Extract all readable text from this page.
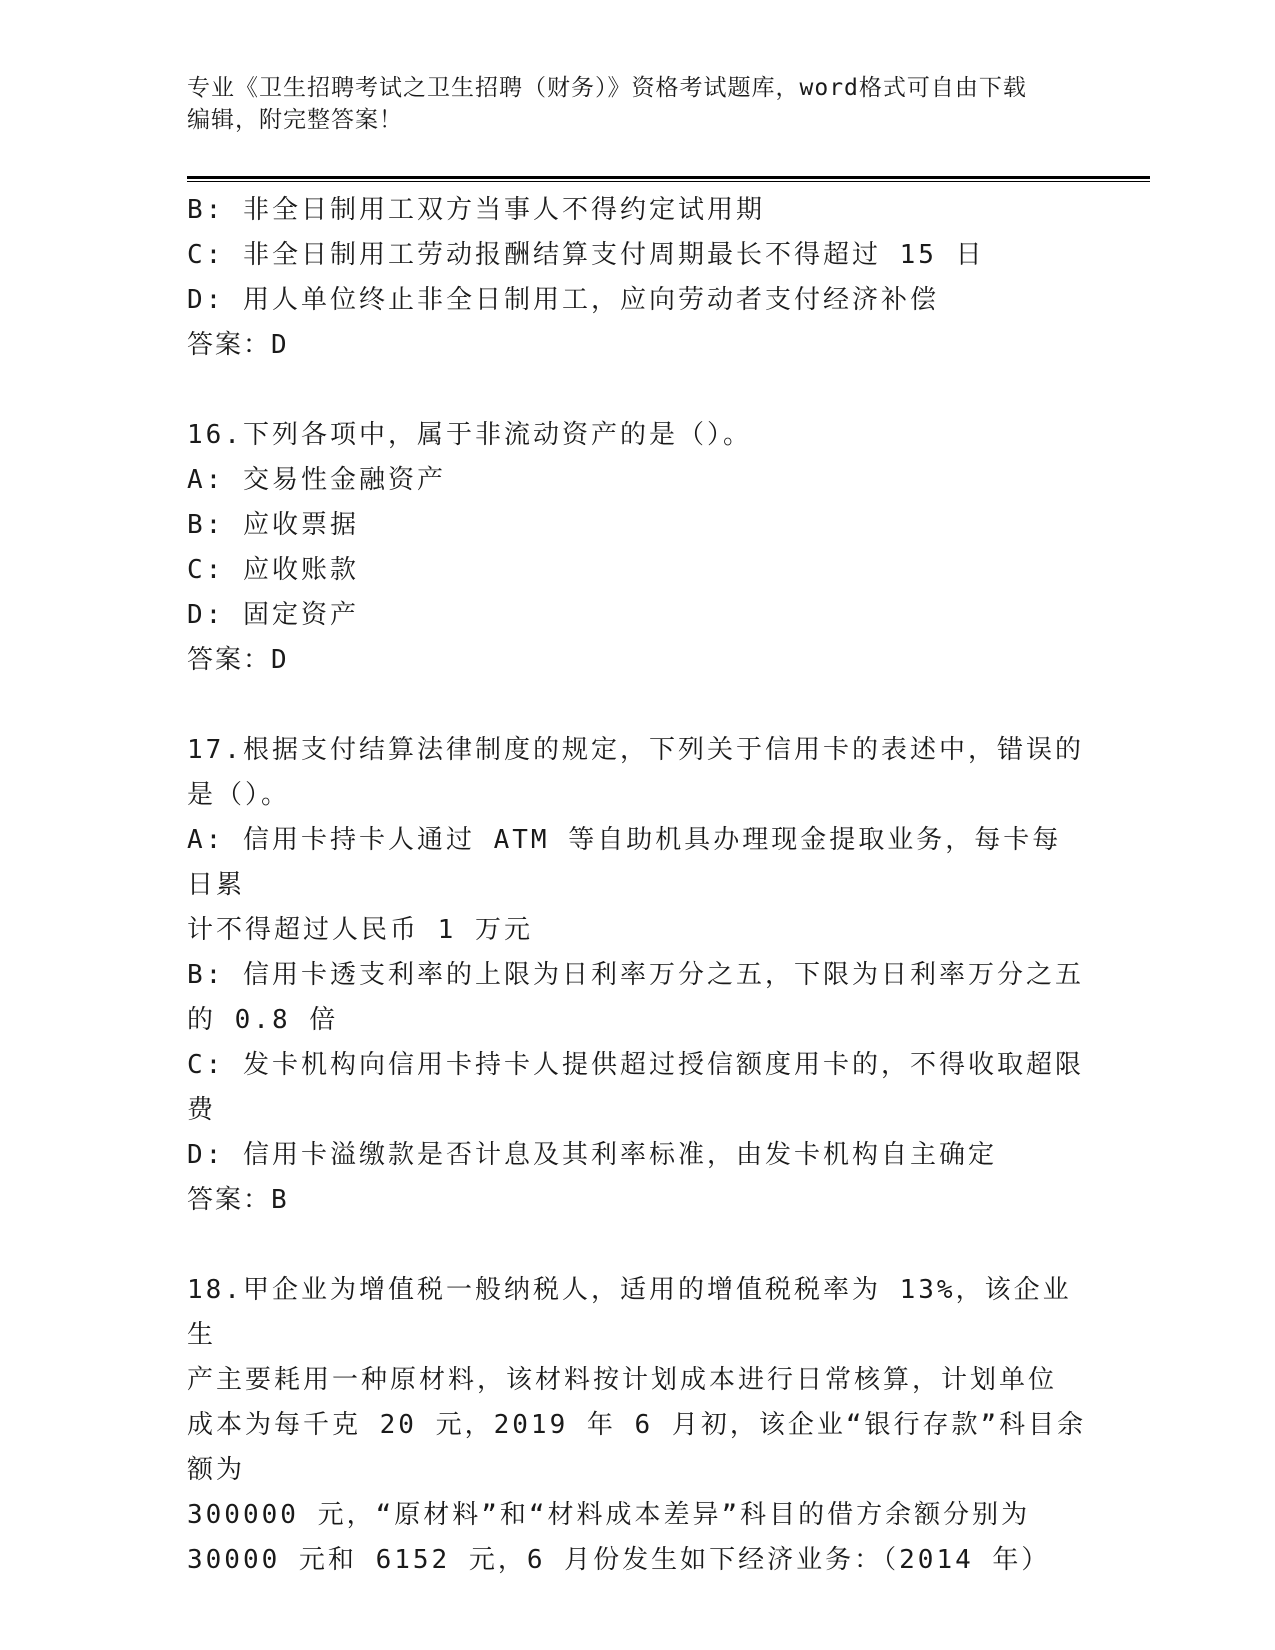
专业《卫生招聘考试之卫生招聘（财务）》资格考试题库，word格式可自由下载
编辑，附完整答案！
B: 非全日制用工双方当事人不得约定试用期
C: 非全日制用工劳动报酬结算支付周期最长不得超过 15 日
D: 用人单位终止非全日制用工，应向劳动者支付经济补偿
答案：D
16.下列各项中，属于非流动资产的是（）。
A: 交易性金融资产
B: 应收票据
C: 应收账款
D: 固定资产
答案：D
17.根据支付结算法律制度的规定，下列关于信用卡的表述中，错误的
是（）。
A: 信用卡持卡人通过 ATM 等自助机具办理现金提取业务，每卡每日累
计不得超过人民币 1 万元
B: 信用卡透支利率的上限为日利率万分之五，下限为日利率万分之五
的 0.8 倍
C: 发卡机构向信用卡持卡人提供超过授信额度用卡的，不得收取超限
费
D: 信用卡溢缴款是否计息及其利率标准，由发卡机构自主确定
答案：B
18.甲企业为增值税一般纳税人，适用的增值税税率为 13%，该企业生
产主要耗用一种原材料，该材料按计划成本进行日常核算，计划单位
成本为每千克 20 元，2019 年 6 月初，该企业“银行存款”科目余额为
300000 元，“原材料”和“材料成本差异”科目的借方余额分别为
30000 元和 6152 元，6 月份发生如下经济业务：（2014 年）
